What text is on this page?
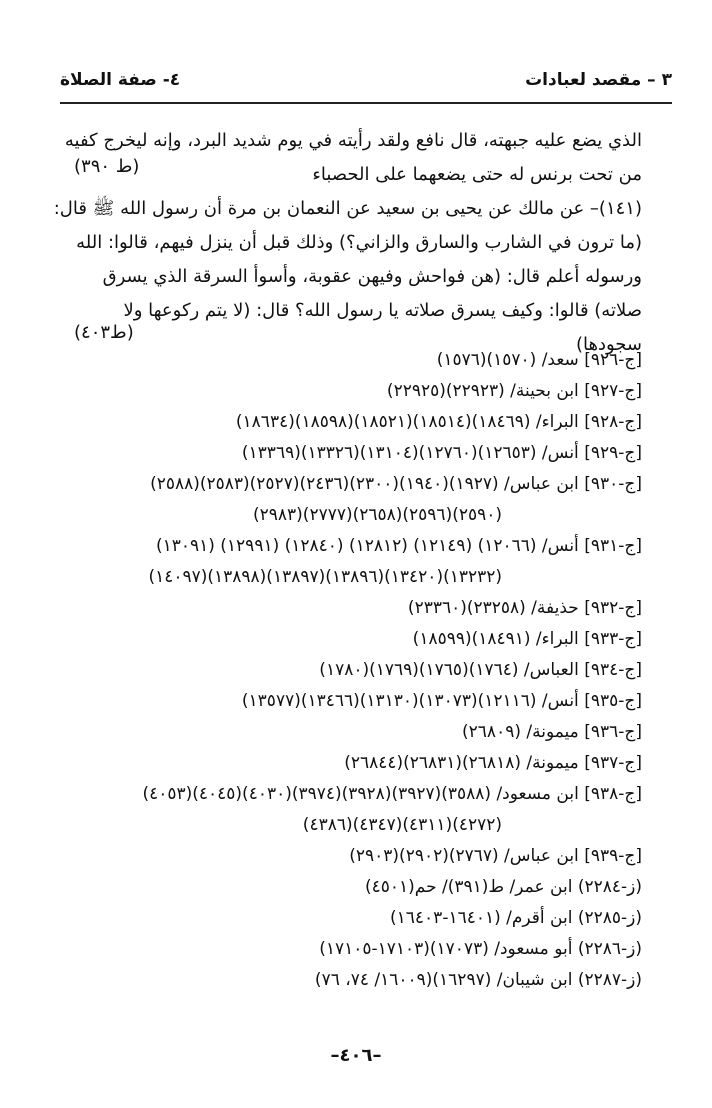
٣ – مقصد لعبادات
٤- صفة الصلاة
الذي يضع عليه جبهته، قال نافع ولقد رأيته في يوم شديد البرد، وإنه ليخرج كفيه
من تحت برنس له حتى يضعهما على الحصباء
(ط ٣٩٠)
(١٤١)– عن مالك عن يحيى بن سعيد عن النعمان بن مرة أن رسول الله ﷺ قال:
(ما ترون في الشارب والسارق والزاني؟) وذلك قبل أن ينزل فيهم، قالوا: الله
ورسوله أعلم قال: (هن فواحش وفيهن عقوبة، وأسوأ السرقة الذي يسرق
صلاته) قالوا: وكيف يسرق صلاته يا رسول الله؟ قال: (لا يتم ركوعها ولا
سجودها)
(ط٤٠٣)
[ج-٩٢٦] سعد/ (١٥٧٠)(١٥٧٦)
[ج-٩٢٧] ابن بحينة/ (٢٢٩٢٣)(٢٢٩٢٥)
[ج-٩٢٨] البراء/ (١٨٤٦٩)(١٨٥١٤)(١٨٥٢١)(١٨٥٩٨)(١٨٦٣٤)
[ج-٩٢٩] أنس/ (١٢٦٥٣)(١٢٧٦٠)(١٣١٠٤)(١٣٣٢٦)(١٣٣٦٩)
[ج-٩٣٠] ابن عباس/ (١٩٢٧)(١٩٤٠)(٢٣٠٠)(٢٤٣٦)(٢٥٢٧)(٢٥٨٣)(٢٥٨٨)
(٢٥٩٠)(٢٥٩٦)(٢٦٥٨)(٢٧٧٧)(٢٩٨٣)
[ج-٩٣١] أنس/ (١٢٠٦٦) (١٢١٤٩) (١٢٨١٢) (١٢٨٤٠) (١٢٩٩١) (١٣٠٩١)
(١٣٢٣٢)(١٣٤٢٠)(١٣٨٩٦)(١٣٨٩٧)(١٣٨٩٨)(١٤٠٩٧)
[ج-٩٣٢] حذيفة/ (٢٣٢٥٨)(٢٣٣٦٠)
[ج-٩٣٣] البراء/ (١٨٤٩١)(١٨٥٩٩)
[ج-٩٣٤] العباس/ (١٧٦٤)(١٧٦٥)(١٧٦٩)(١٧٨٠)
[ج-٩٣٥] أنس/ (١٢١١٦)(١٣٠٧٣)(١٣١٣٠)(١٣٤٦٦)(١٣٥٧٧)
[ج-٩٣٦] ميمونة/ (٢٦٨٠٩)
[ج-٩٣٧] ميمونة/ (٢٦٨١٨)(٢٦٨٣١)(٢٦٨٤٤)
[ج-٩٣٨] ابن مسعود/ (٣٥٨٨)(٣٩٢٧)(٣٩٢٨)(٣٩٧٤)(٤٠٣٠)(٤٠٤٥)(٤٠٥٣)
(٤٢٧٢)(٤٣١١)(٤٣٤٧)(٤٣٨٦)
[ج-٩٣٩] ابن عباس/ (٢٧٦٧)(٢٩٠٢)(٢٩٠٣)
(ز-٢٢٨٤) ابن عمر/ ط(٣٩١)/ حم(٤٥٠١)
(ز-٢٢٨٥) ابن أقرم/ (١٦٤٠١-١٦٤٠٣)
(ز-٢٢٨٦) أبو مسعود/ (١٧٠٧٣)(١٧١٠٣-١٧١٠٥)
(ز-٢٢٨٧) ابن شيبان/ (١٦٢٩٧)(١٦٠٠٩/ ٧٤، ٧٦)
–٤٠٦–
